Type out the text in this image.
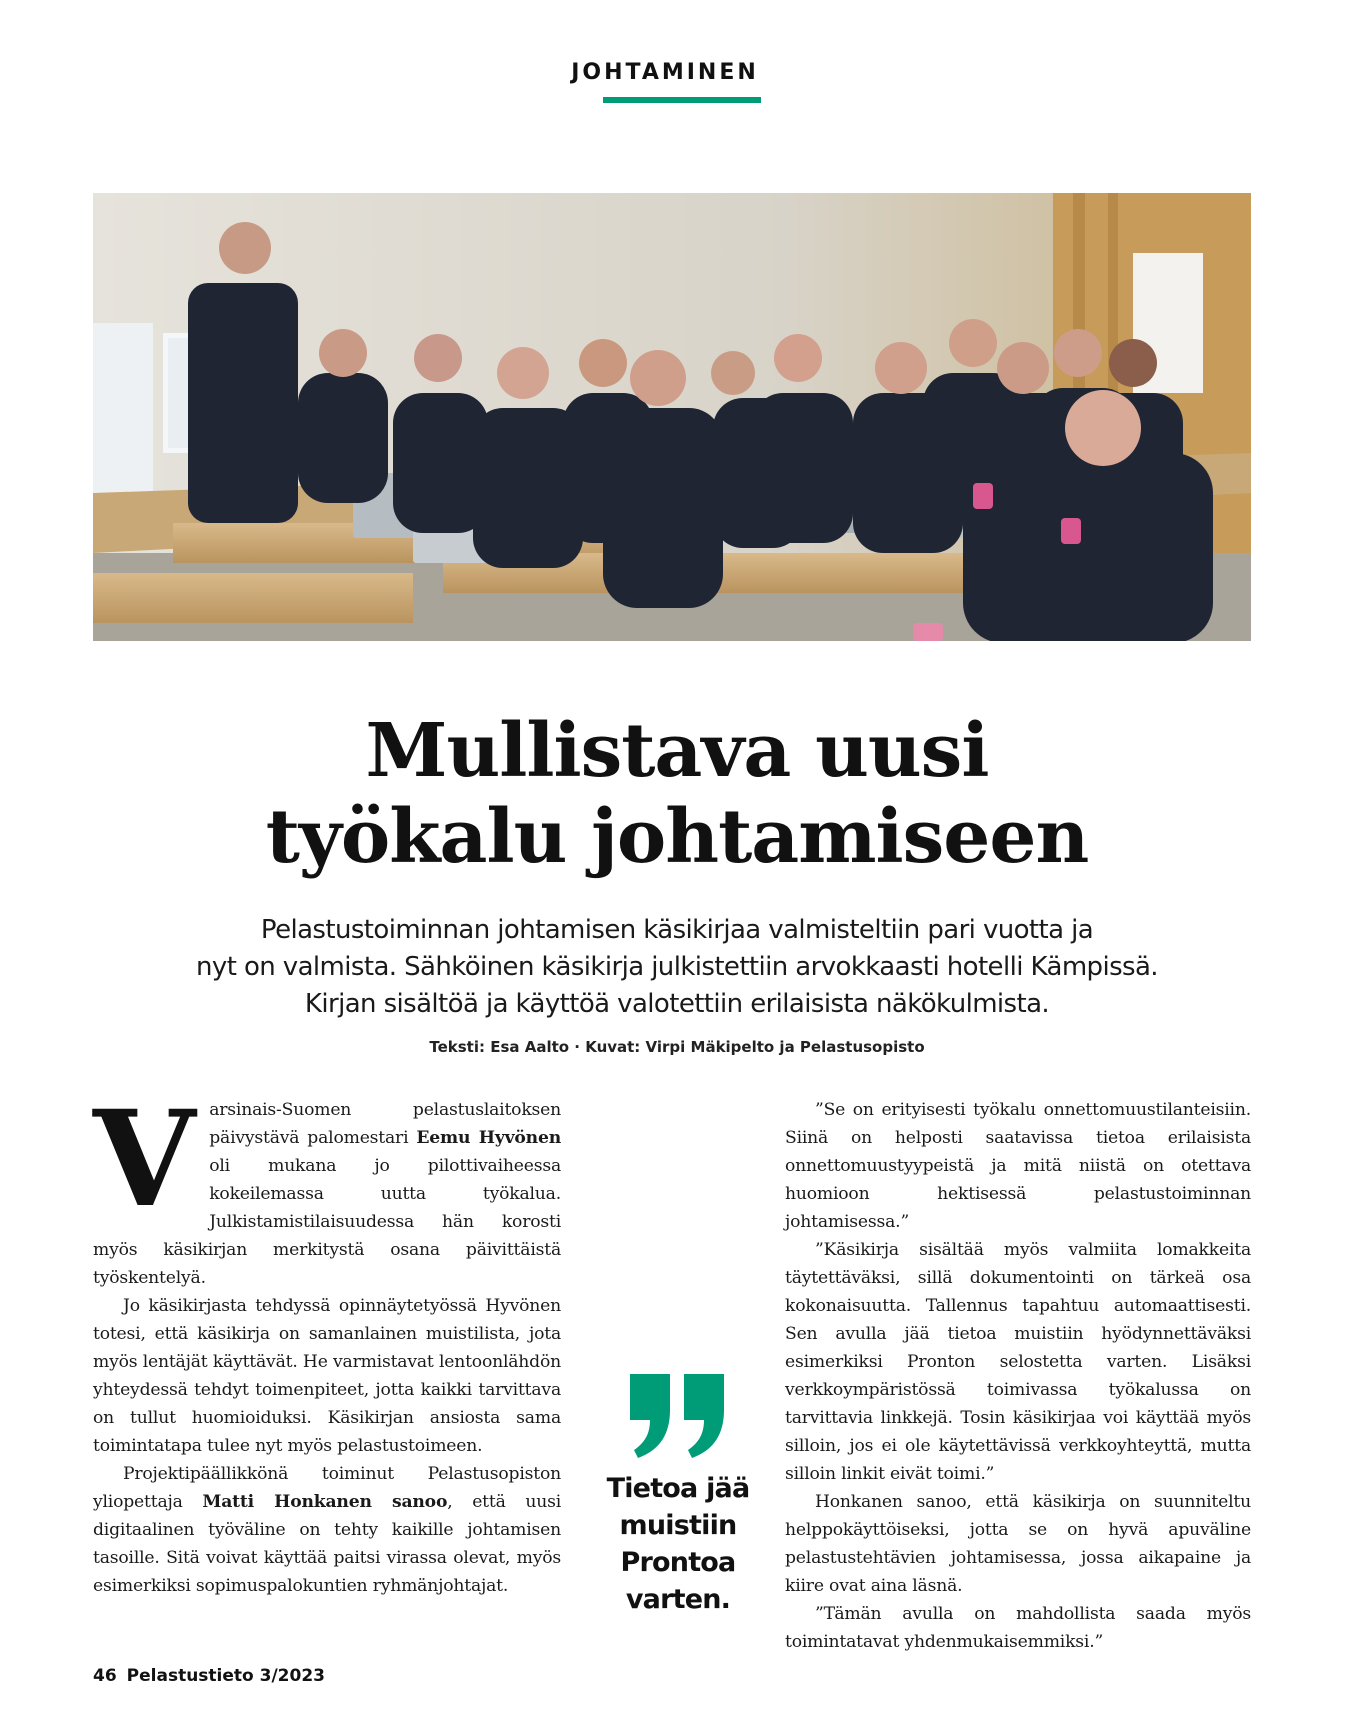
JOHTAMINEN
Mullistava uusi
työkalu johtamiseen

Pelastustoiminnan johtamisen käsikirjaa valmisteltiin pari vuotta ja
nyt on valmista. Sähköinen käsikirja julkistettiin arvokkaasti hotelli Kämpissä.
Kirjan sisältöä ja käyttöä valotettiin erilaisista näkökulmista.

Teksti: Esa Aalto · Kuvat: Virpi Mäkipelto ja Pelastusopisto

Varsinais-Suomen pelastuslaitoksen päivystävä palomestari Eemu Hyvönen oli mukana jo pilottivaiheessa kokeilemassa uutta työkalua. Julkistamistilaisuudessa hän korosti myös käsikirjan merkitystä osana päivittäistä työskentelyä.

Jo käsikirjasta tehdyssä opinnäytetyössä Hyvönen totesi, että käsikirja on samanlainen muistilista, jota myös lentäjät käyttävät. He varmistavat lentoonlähdön yhteydessä tehdyt toimenpiteet, jotta kaikki tarvittava on tullut huomioiduksi. Käsikirjan ansiosta sama toimintatapa tulee nyt myös pelastustoimeen.

Projektipäällikkönä toiminut Pelastusopiston yliopettaja Matti Honkanen sanoo, että uusi digitaalinen työväline on tehty kaikille johtamisen tasoille. Sitä voivat käyttää paitsi virassa olevat, myös esimerkiksi sopimuspalokuntien ryhmänjohtajat.

Tietoa jää
muistiin
Prontoa
varten.

”Se on erityisesti työkalu onnettomuustilanteisiin. Siinä on helposti saatavissa tietoa erilaisista onnettomuustyypeistä ja mitä niistä on otettava huomioon hektisessä pelastustoiminnan johtamisessa.”

”Käsikirja sisältää myös valmiita lomakkeita täytettäväksi, sillä dokumentointi on tärkeä osa kokonaisuutta. Tallennus tapahtuu automaattisesti. Sen avulla jää tietoa muistiin hyödynnettäväksi esimerkiksi Pronton selostetta varten. Lisäksi verkkoympäristössä toimivassa työkalussa on tarvittavia linkkejä. Tosin käsikirjaa voi käyttää myös silloin, jos ei ole käytettävissä verkkoyhteyttä, mutta silloin linkit eivät toimi.”

Honkanen sanoo, että käsikirja on suunniteltu helppokäyttöiseksi, jotta se on hyvä apuväline pelastustehtävien johtamisessa, jossa aikapaine ja kiire ovat aina läsnä.

”Tämän avulla on mahdollista saada myös toimintatavat yhdenmukaisemmiksi.”

46 Pelastustieto 3/2023
